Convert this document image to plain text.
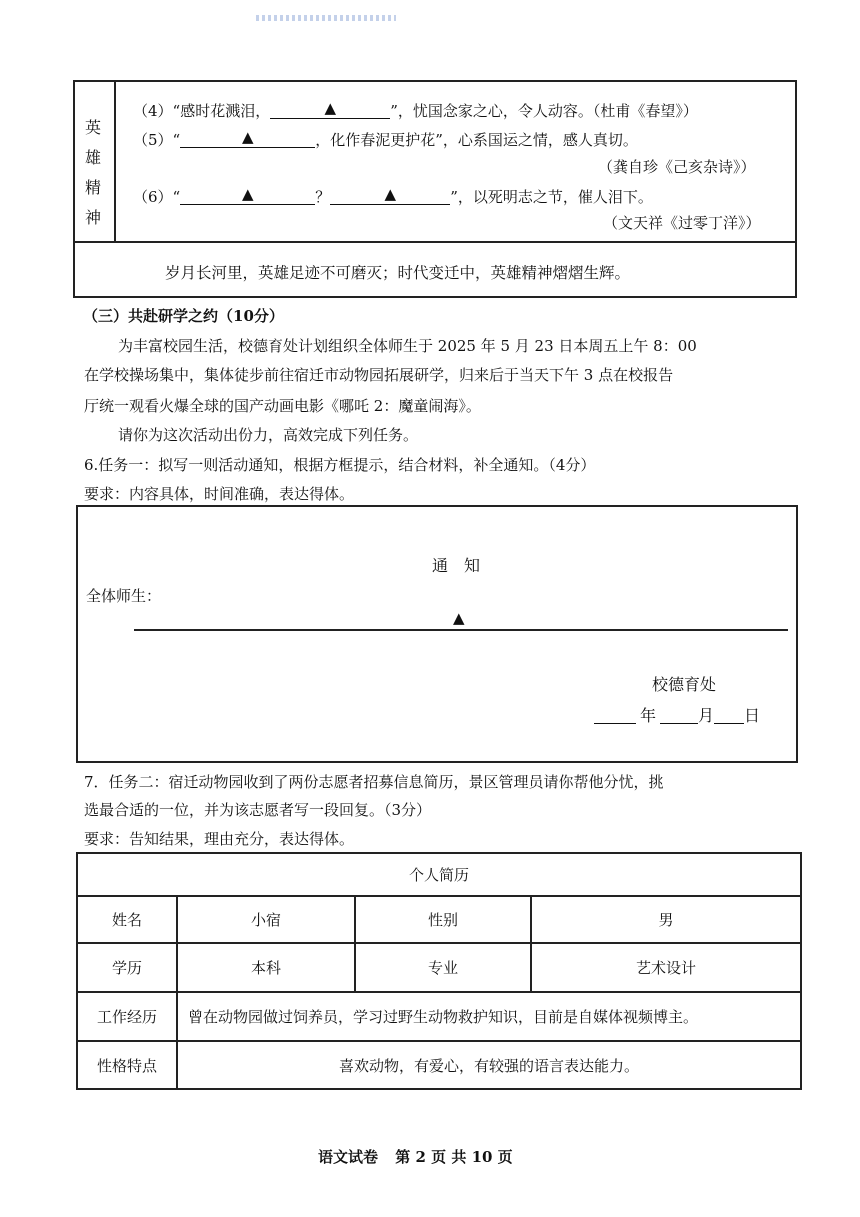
英
雄
精
神
（4）“感时花溅泪，	▲	”，忧国念家之心，令人动容。（杜甫《春望》）
（5）“	▲	，化作春泥更护花”，心系国运之情，感人真切。
（龚自珍《己亥杂诗》）
（6）“	▲	？	▲	”，以死明志之节，催人泪下。
（文天祥《过零丁洋》）
岁月长河里，英雄足迹不可磨灭；时代变迁中，英雄精神熠熠生辉。
（三）共赴研学之约（10分）
为丰富校园生活，校德育处计划组织全体师生于 2025 年 5 月 23 日本周五上午 8：00
在学校操场集中，集体徒步前往宿迁市动物园拓展研学，归来后于当天下午 3 点在校报告
厅统一观看火爆全球的国产动画电影《哪吒 2：魔童闹海》。
请你为这次活动出份力，高效完成下列任务。
6.任务一：拟写一则活动通知，根据方框提示，结合材料，补全通知。（4分）
要求：内容具体，时间准确，表达得体。
通　知
全体师生：
▲
校德育处
年	月 日
7．任务二：宿迁动物园收到了两份志愿者招募信息简历，景区管理员请你帮他分忧，挑
选最合适的一位，并为该志愿者写一段回复。（3分）
要求：告知结果，理由充分，表达得体。
个人简历			
姓名	小宿	性别	男
学历	本科	专业	艺术设计
工作经历	曾在动物园做过饲养员，学习过野生动物救护知识，目前是自媒体视频博主。		
性格特点	喜欢动物，有爱心，有较强的语言表达能力。		
语文试卷 第 2 页 共 10 页
